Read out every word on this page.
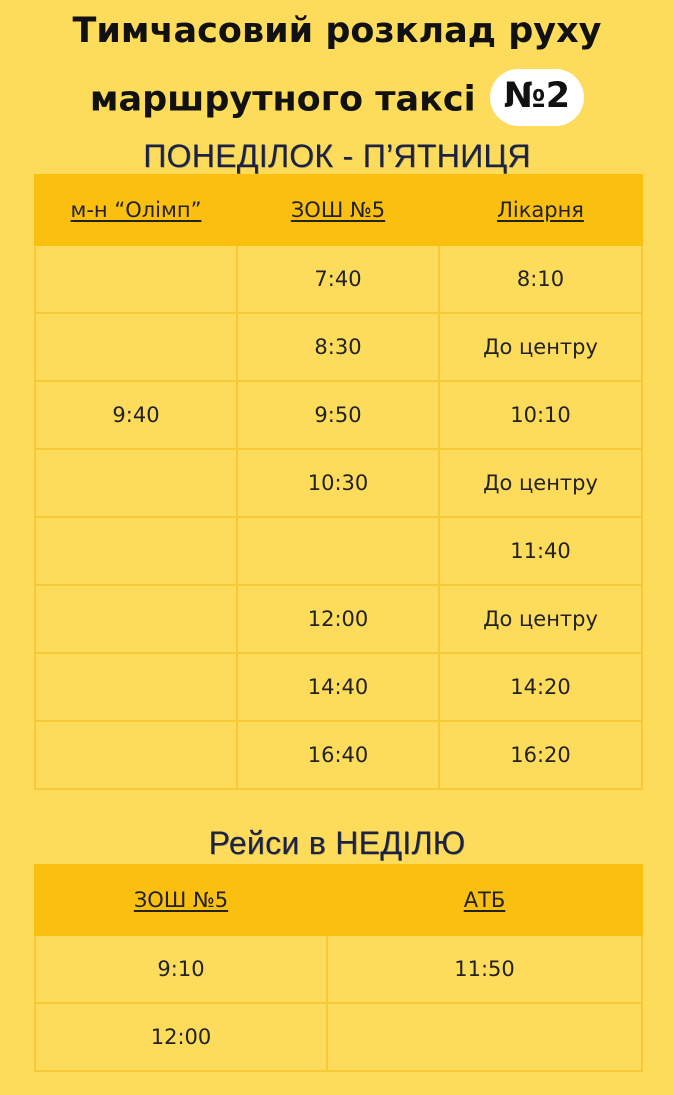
Тимчасовий розклад руху
маршрутного таксі №2
ПОНЕДІЛОК - П’ЯТНИЦЯ
м-н “Олімп”	ЗОШ №5	Лікарня
	7:40	8:10
	8:30	До центру
9:40	9:50	10:10
	10:30	До центру
		11:40
	12:00	До центру
	14:40	14:20
	16:40	16:20
Рейси в НЕДІЛЮ
ЗОШ №5	АТБ
9:10	11:50
12:00	
